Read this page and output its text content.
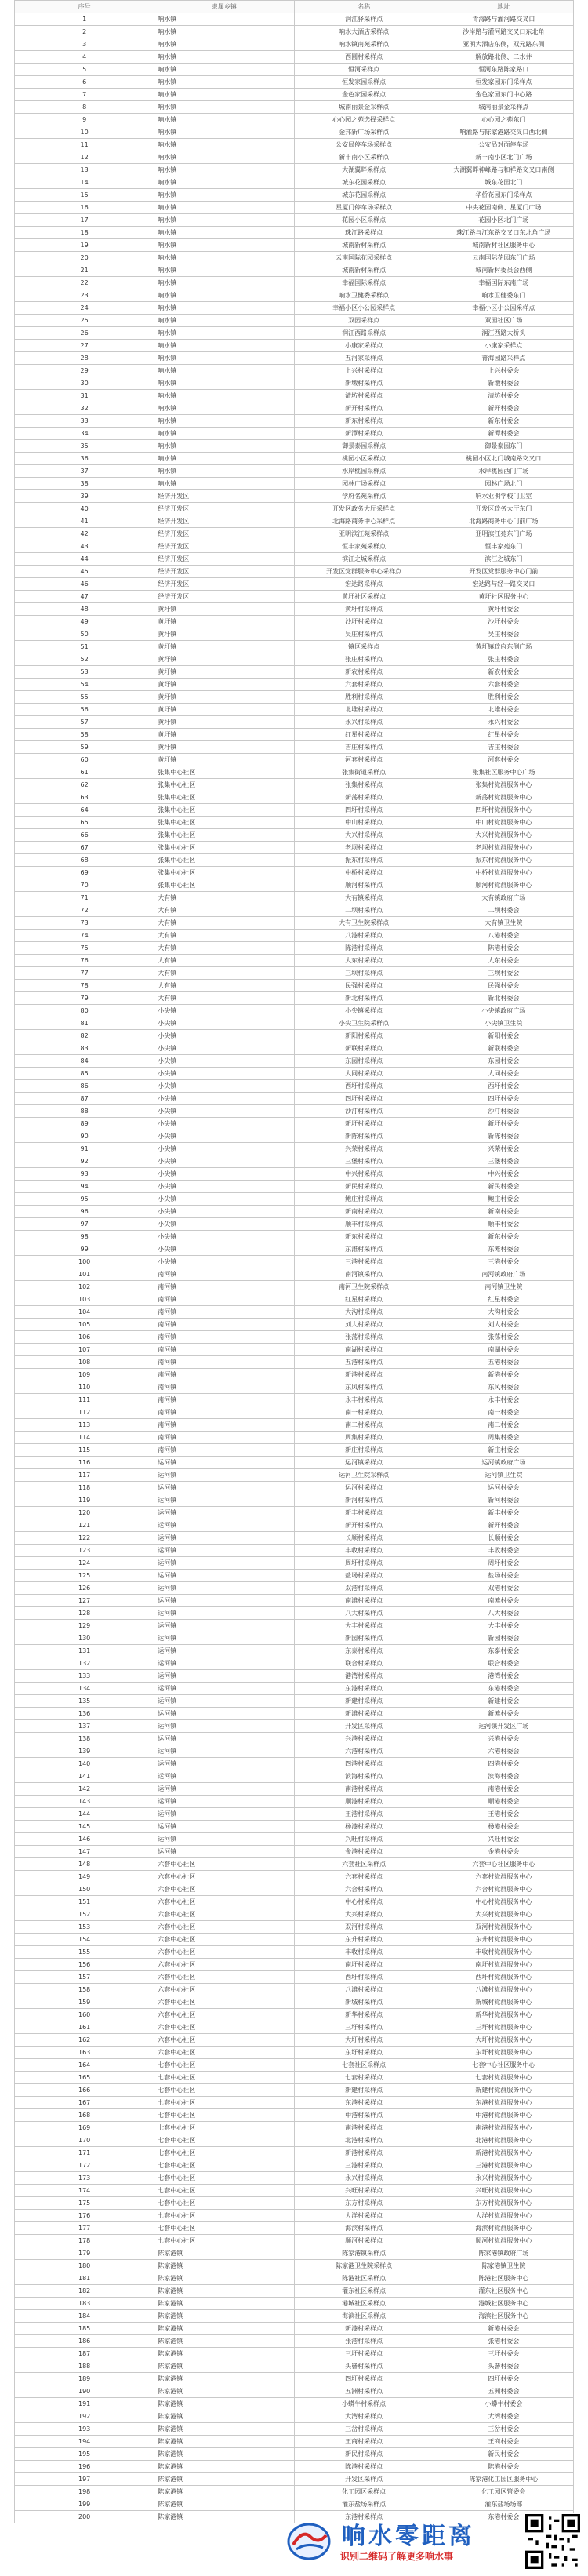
序号	隶属乡镇	名称	地址
1	响水镇	润江驿采样点	青海路与灌河路交叉口
2	响水镇	响水大酒店采样点	沙岸路与灌河路交叉口东北角
3	响水镇	响水镇南苑采样点	亚明大酒店东侧，双元路东侧
4	响水镇	西圆村采样点	解放路北侧、二水井
5	响水镇	恒河采样点	恒河东路陈家路口
6	响水镇	恒发家园采样点	恒发家园东门采样点
7	响水镇	金色家园采样点	金色家园东门中心路
8	响水镇	城南丽景金采样点	城南丽景金采样点
9	响水镇	心心园之苑选择采样点	心心园之苑东门
10	响水镇	金邦新广场采样点	响灌路与陈家港路交叉口西北侧
11	响水镇	公安局停车场采样点	公安局对面停车场
12	响水镇	新丰南小区采样点	新丰南小区北门广场
13	响水镇	大湖翼畔采样点	大湖翼畔神峰路与和祥路交叉口南侧
14	响水镇	城东花园采样点	城东花园北门
15	响水镇	城东花园采样点	华侨花园东门采样点
16	响水镇	星厦门停车场采样点	中央花园南侧、星厦门广场
17	响水镇	花园小区采样点	花园小区北门广场
18	响水镇	珠江路采样点	珠江路与江东路交叉口东北角广场
19	响水镇	城南新村采样点	城南新村社区服务中心
20	响水镇	云南国际花园采样点	云南国际花园东门广场
21	响水镇	城南新村采样点	城南新村委员会西侧
22	响水镇	幸福国际采样点	幸福国际东南广场
23	响水镇	响水卫健委采样点	响水卫健委东门
24	响水镇	幸福小区小公园采样点	幸福小区小公园采样点
25	响水镇	双园采样点	双园社区广场
26	响水镇	润江西路采样点	润江西路大桥头
27	响水镇	小康家采样点	小康家采样点
28	响水镇	五河家采样点	菁海园路采样点
29	响水镇	上兴村采样点	上兴村委会
30	响水镇	新墩村采样点	新墩村委会
31	响水镇	清坊村采样点	清坊村委会
32	响水镇	新开村采样点	新开村委会
33	响水镇	新东村采样点	新东村委会
34	响水镇	新潭村采样点	新潭村委会
35	响水镇	御景泰园采样点	御景泰园东门
36	响水镇	桃园小区采样点	桃园小区北门城南路交叉口
37	响水镇	水岸桃园采样点	水岸桃园西门广场
38	响水镇	园林广场采样点	园林广场北门
39	经济开发区	学府名苑采样点	响水亚明学校门卫室
40	经济开发区	开发区政务大厅采样点	开发区政务大厅东门
41	经济开发区	北海路商务中心采样点	北海路商务中心门前广场
42	经济开发区	亚明滨江苑采样点	亚明滨江苑东门广场
43	经济开发区	恒丰家苑采样点	恒丰家苑东门
44	经济开发区	滨江之城采样点	滨江之城东门
45	经济开发区	开发区党群服务中心采样点	开发区党群服务中心门前
46	经济开发区	宏达路采样点	宏达路与经一路交叉口
47	经济开发区	黄圩社区采样点	黄圩社区服务中心
48	黄圩镇	黄圩村采样点	黄圩村委会
49	黄圩镇	沙圩村采样点	沙圩村委会
50	黄圩镇	吴庄村采样点	吴庄村委会
51	黄圩镇	镇区采样点	黄圩镇政府东侧广场
52	黄圩镇	张庄村采样点	张庄村委会
53	黄圩镇	新农村采样点	新农村委会
54	黄圩镇	六套村采样点	六套村委会
55	黄圩镇	胜利村采样点	胜利村委会
56	黄圩镇	北堆村采样点	北堆村委会
57	黄圩镇	永兴村采样点	永兴村委会
58	黄圩镇	红星村采样点	红星村委会
59	黄圩镇	吉庄村采样点	吉庄村委会
60	黄圩镇	河套村采样点	河套村委会
61	张集中心社区	张集街道采样点	张集社区服务中心广场
62	张集中心社区	张集村采样点	张集村党群服务中心
63	张集中心社区	新荡村采样点	新荡村党群服务中心
64	张集中心社区	四圩村采样点	四圩村党群服务中心
65	张集中心社区	中山村采样点	中山村党群服务中心
66	张集中心社区	大兴村采样点	大兴村党群服务中心
67	张集中心社区	老坝村采样点	老坝村党群服务中心
68	张集中心社区	振东村采样点	振东村党群服务中心
69	张集中心社区	中桥村采样点	中桥村党群服务中心
70	张集中心社区	顺河村采样点	顺河村党群服务中心
71	大有镇	大有镇采样点	大有镇政府广场
72	大有镇	二坝村采样点	二坝村委会
73	大有镇	大有卫生院采样点	大有镇卫生院
74	大有镇	八港村采样点	八港村委会
75	大有镇	陈港村采样点	陈港村委会
76	大有镇	大东村采样点	大东村委会
77	大有镇	三坝村采样点	三坝村委会
78	大有镇	民强村采样点	民强村委会
79	大有镇	新北村采样点	新北村委会
80	小尖镇	小尖镇采样点	小尖镇政府广场
81	小尖镇	小尖卫生院采样点	小尖镇卫生院
82	小尖镇	新阳村采样点	新阳村委会
83	小尖镇	新联村采样点	新联村委会
84	小尖镇	东园村采样点	东园村委会
85	小尖镇	大同村采样点	大同村委会
86	小尖镇	西圩村采样点	西圩村委会
87	小尖镇	四圩村采样点	四圩村委会
88	小尖镇	沙汀村采样点	沙汀村委会
89	小尖镇	新圩村采样点	新圩村委会
90	小尖镇	新陈村采样点	新陈村委会
91	小尖镇	兴荣村采样点	兴荣村委会
92	小尖镇	三堡村采样点	三堡村委会
93	小尖镇	中兴村采样点	中兴村委会
94	小尖镇	新民村采样点	新民村委会
95	小尖镇	鲍庄村采样点	鲍庄村委会
96	小尖镇	新南村采样点	新南村委会
97	小尖镇	顺丰村采样点	顺丰村委会
98	小尖镇	新东村采样点	新东村委会
99	小尖镇	东滩村采样点	东滩村委会
100	小尖镇	三港村采样点	三港村委会
101	南河镇	南河镇采样点	南河镇政府广场
102	南河镇	南河卫生院采样点	南河镇卫生院
103	南河镇	红星村采样点	红星村委会
104	南河镇	大沟村采样点	大沟村委会
105	南河镇	刘大村采样点	刘大村委会
106	南河镇	张荡村采样点	张荡村委会
107	南河镇	南湖村采样点	南湖村委会
108	南河镇	五港村采样点	五港村委会
109	南河镇	新港村采样点	新港村委会
110	南河镇	东风村采样点	东风村委会
111	南河镇	永丰村采样点	永丰村委会
112	南河镇	南一村采样点	南一村委会
113	南河镇	南二村采样点	南二村委会
114	南河镇	周集村采样点	周集村委会
115	南河镇	新庄村采样点	新庄村委会
116	运河镇	运河镇采样点	运河镇政府广场
117	运河镇	运河卫生院采样点	运河镇卫生院
118	运河镇	运河村采样点	运河村委会
119	运河镇	新河村采样点	新河村委会
120	运河镇	新丰村采样点	新丰村委会
121	运河镇	新开村采样点	新开村委会
122	运河镇	长顺村采样点	长顺村委会
123	运河镇	丰收村采样点	丰收村委会
124	运河镇	周圩村采样点	周圩村委会
125	运河镇	盐场村采样点	盐场村委会
126	运河镇	双港村采样点	双港村委会
127	运河镇	南滩村采样点	南滩村委会
128	运河镇	八大村采样点	八大村委会
129	运河镇	大丰村采样点	大丰村委会
130	运河镇	新园村采样点	新园村委会
131	运河镇	东泰村采样点	东泰村委会
132	运河镇	联合村采样点	联合村委会
133	运河镇	港湾村采样点	港湾村委会
134	运河镇	东港村采样点	东港村委会
135	运河镇	新建村采样点	新建村委会
136	运河镇	新滩村采样点	新滩村委会
137	运河镇	开发区采样点	运河镇开发区广场
138	运河镇	兴港村采样点	兴港村委会
139	运河镇	六港村采样点	六港村委会
140	运河镇	四港村采样点	四港村委会
141	运河镇	滨海村采样点	滨海村委会
142	运河镇	南港村采样点	南港村委会
143	运河镇	顺港村采样点	顺港村委会
144	运河镇	王港村采样点	王港村委会
145	运河镇	杨港村采样点	杨港村委会
146	运河镇	兴旺村采样点	兴旺村委会
147	运河镇	金港村采样点	金港村委会
148	六套中心社区	六套社区采样点	六套中心社区服务中心
149	六套中心社区	六套村采样点	六套村党群服务中心
150	六套中心社区	六合村采样点	六合村党群服务中心
151	六套中心社区	中心村采样点	中心村党群服务中心
152	六套中心社区	大兴村采样点	大兴村党群服务中心
153	六套中心社区	双河村采样点	双河村党群服务中心
154	六套中心社区	东升村采样点	东升村党群服务中心
155	六套中心社区	丰收村采样点	丰收村党群服务中心
156	六套中心社区	南圩村采样点	南圩村党群服务中心
157	六套中心社区	西圩村采样点	西圩村党群服务中心
158	六套中心社区	八滩村采样点	八滩村党群服务中心
159	六套中心社区	新城村采样点	新城村党群服务中心
160	六套中心社区	新华村采样点	新华村党群服务中心
161	六套中心社区	三圩村采样点	三圩村党群服务中心
162	六套中心社区	大圩村采样点	大圩村党群服务中心
163	六套中心社区	东圩村采样点	东圩村党群服务中心
164	七套中心社区	七套社区采样点	七套中心社区服务中心
165	七套中心社区	七套村采样点	七套村党群服务中心
166	七套中心社区	新建村采样点	新建村党群服务中心
167	七套中心社区	东港村采样点	东港村党群服务中心
168	七套中心社区	中港村采样点	中港村党群服务中心
169	七套中心社区	南港村采样点	南港村党群服务中心
170	七套中心社区	北港村采样点	北港村党群服务中心
171	七套中心社区	新港村采样点	新港村党群服务中心
172	七套中心社区	三港村采样点	三港村党群服务中心
173	七套中心社区	永兴村采样点	永兴村党群服务中心
174	七套中心社区	兴旺村采样点	兴旺村党群服务中心
175	七套中心社区	东方村采样点	东方村党群服务中心
176	七套中心社区	大洋村采样点	大洋村党群服务中心
177	七套中心社区	海滨村采样点	海滨村党群服务中心
178	七套中心社区	顺河村采样点	顺河村党群服务中心
179	陈家港镇	陈家港镇采样点	陈家港镇政府广场
180	陈家港镇	陈家港卫生院采样点	陈家港镇卫生院
181	陈家港镇	陈港社区采样点	陈港社区服务中心
182	陈家港镇	灌东社区采样点	灌东社区服务中心
183	陈家港镇	港城社区采样点	港城社区服务中心
184	陈家港镇	海滨社区采样点	海滨社区服务中心
185	陈家港镇	新港村采样点	新港村委会
186	陈家港镇	张港村采样点	张港村委会
187	陈家港镇	三圩村采样点	三圩村委会
188	陈家港镇	头罾村采样点	头罾村委会
189	陈家港镇	四圩村采样点	四圩村委会
190	陈家港镇	五洲村采样点	五洲村委会
191	陈家港镇	小蟒牛村采样点	小蟒牛村委会
192	陈家港镇	大湾村采样点	大湾村委会
193	陈家港镇	三岔村采样点	三岔村委会
194	陈家港镇	王商村采样点	王商村委会
195	陈家港镇	新民村采样点	新民村委会
196	陈家港镇	陈港村采样点	陈港村委会
197	陈家港镇	开发区采样点	陈家港化工园区服务中心
198	陈家港镇	化工园区采样点	化工园区管委会
199	陈家港镇	灌东盐场采样点	灌东盐场场部
200	陈家港镇	东港村采样点	东港村委会
响水零距离
识别二维码了解更多响水事
